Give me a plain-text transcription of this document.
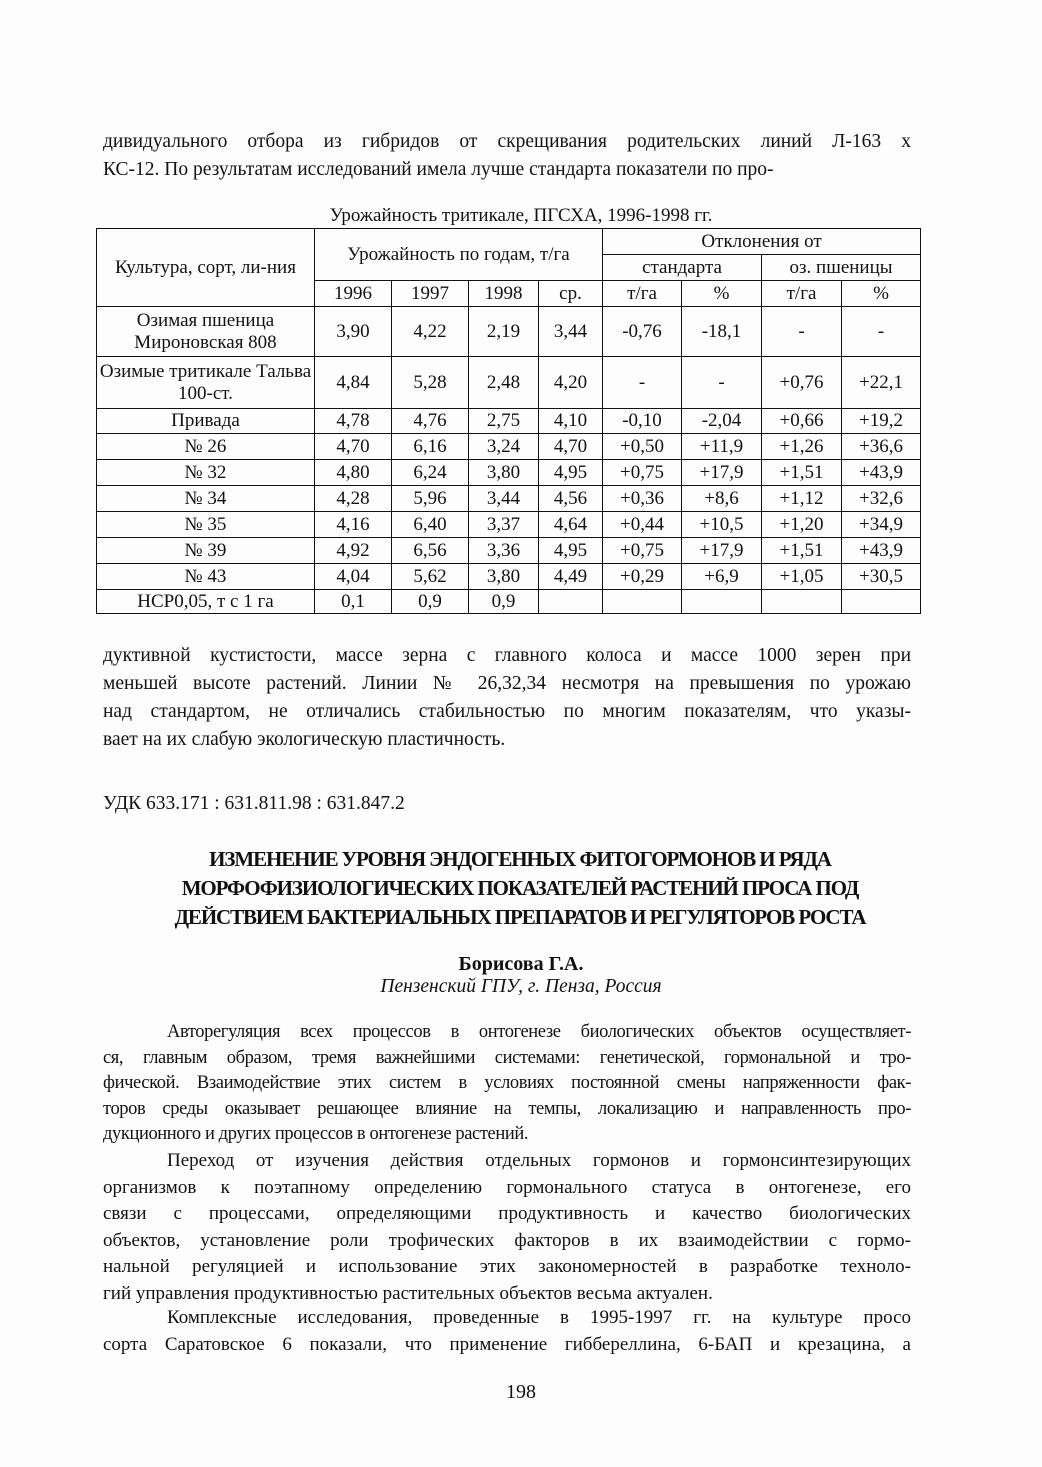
дивидуального отбора из гибридов от скрещивания родительских линий Л-163 х
КС-12. По результатам исследований имела лучше стандарта показатели по про-
Урожайность тритикале, ПГСХА, 1996-1998 гг.
Культура, сорт, ли-ния	Урожайность по годам, т/га				Отклонения от			
					стандарта		оз. пшеницы	
	1996	1997	1998	ср.	т/га	%	т/га	%
Озимая пшеница Мироновская 808	3,90	4,22	2,19	3,44	-0,76	-18,1	-	-
Озимые тритикале Тальва 100-ст.	4,84	5,28	2,48	4,20	-	-	+0,76	+22,1
Привада	4,78	4,76	2,75	4,10	-0,10	-2,04	+0,66	+19,2
№ 26	4,70	6,16	3,24	4,70	+0,50	+11,9	+1,26	+36,6
№ 32	4,80	6,24	3,80	4,95	+0,75	+17,9	+1,51	+43,9
№ 34	4,28	5,96	3,44	4,56	+0,36	+8,6	+1,12	+32,6
№ 35	4,16	6,40	3,37	4,64	+0,44	+10,5	+1,20	+34,9
№ 39	4,92	6,56	3,36	4,95	+0,75	+17,9	+1,51	+43,9
№ 43	4,04	5,62	3,80	4,49	+0,29	+6,9	+1,05	+30,5
НСР0,05, т с 1 га	0,1	0,9	0,9					
дуктивной кустистости, массе зерна с главного колоса и массе 1000 зерен при
меньшей высоте растений. Линии № 26,32,34 несмотря на превышения по урожаю
над стандартом, не отличались стабильностью по многим показателям, что указы-
вает на их слабую экологическую пластичность.
УДК 633.171 : 631.811.98 : 631.847.2
ИЗМЕНЕНИЕ УРОВНЯ ЭНДОГЕННЫХ ФИТОГОРМОНОВ И РЯДА
МОРФОФИЗИОЛОГИЧЕСКИХ ПОКАЗАТЕЛЕЙ РАСТЕНИЙ ПРОСА ПОД
ДЕЙСТВИЕМ БАКТЕРИАЛЬНЫХ ПРЕПАРАТОВ И РЕГУЛЯТОРОВ РОСТА
Борисова Г.А.
Пензенский ГПУ, г. Пенза, Россия
Авторегуляция всех процессов в онтогенезе биологических объектов осуществляет-
ся, главным образом, тремя важнейшими системами: генетической, гормональной и тро-
фической. Взаимодействие этих систем в условиях постоянной смены напряженности фак-
торов среды оказывает решающее влияние на темпы, локализацию и направленность про-
дукционного и других процессов в онтогенезе растений.
Переход от изучения действия отдельных гормонов и гормонсинтезирующих
организмов к поэтапному определению гормонального статуса в онтогенезе, его
связи с процессами, определяющими продуктивность и качество биологических
объектов, установление роли трофических факторов в их взаимодействии с гормо-
нальной регуляцией и использование этих закономерностей в разработке техноло-
гий управления продуктивностью растительных объектов весьма актуален.
Комплексные исследования, проведенные в 1995-1997 гг. на культуре просо
сорта Саратовское 6 показали, что применение гиббереллина, 6-БАП и крезацина, а
198
